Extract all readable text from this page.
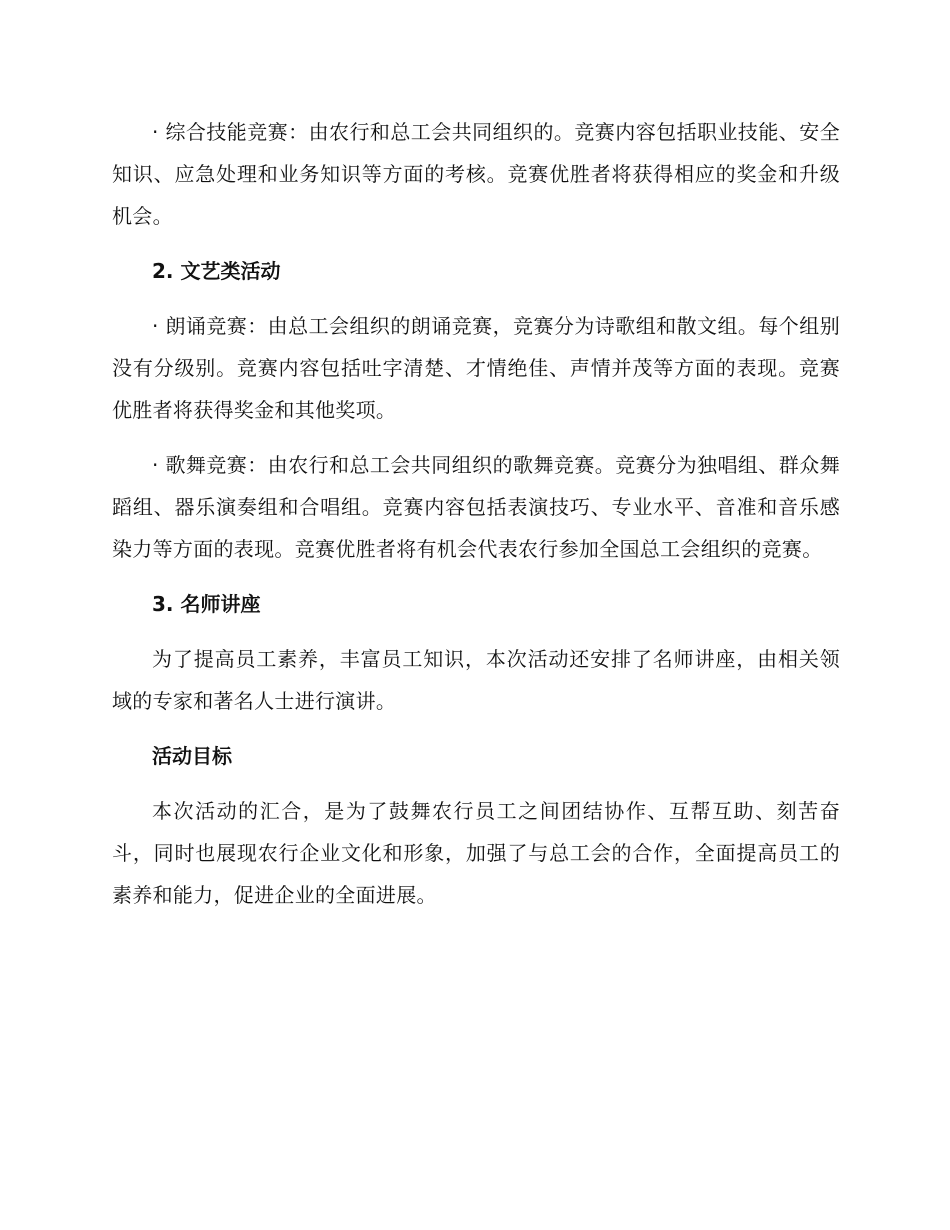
· 综合技能竞赛：由农行和总工会共同组织的。竞赛内容包括职业技能、安全知识、应急处理和业务知识等方面的考核。竞赛优胜者将获得相应的奖金和升级机会。

2. 文艺类活动

· 朗诵竞赛：由总工会组织的朗诵竞赛，竞赛分为诗歌组和散文组。每个组别没有分级别。竞赛内容包括吐字清楚、才情绝佳、声情并茂等方面的表现。竞赛优胜者将获得奖金和其他奖项。

· 歌舞竞赛：由农行和总工会共同组织的歌舞竞赛。竞赛分为独唱组、群众舞蹈组、器乐演奏组和合唱组。竞赛内容包括表演技巧、专业水平、音准和音乐感染力等方面的表现。竞赛优胜者将有机会代表农行参加全国总工会组织的竞赛。

3. 名师讲座

为了提高员工素养，丰富员工知识，本次活动还安排了名师讲座，由相关领域的专家和著名人士进行演讲。

活动目标

本次活动的汇合，是为了鼓舞农行员工之间团结协作、互帮互助、刻苦奋斗，同时也展现农行企业文化和形象，加强了与总工会的合作，全面提高员工的素养和能力，促进企业的全面进展。
